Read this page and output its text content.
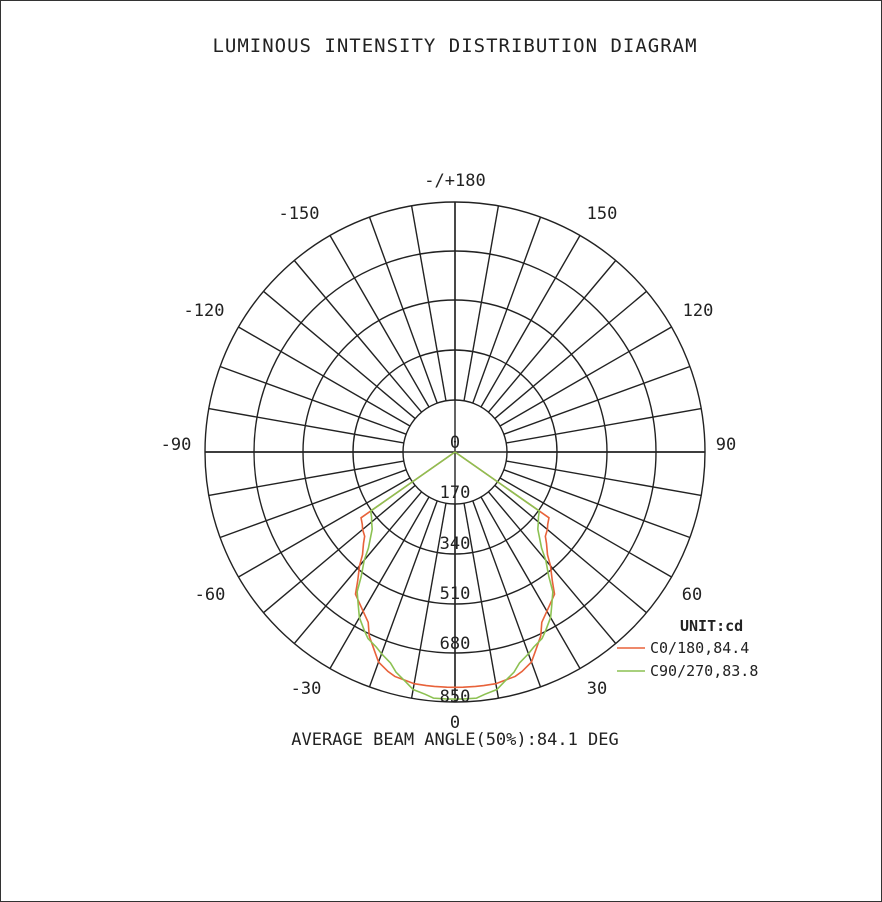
LUMINOUS INTENSITY DISTRIBUTION DIAGRAM
0
170
340
510
680
850
-/+180
150
120
90
60
30
0
-30
-60
-90
-120
-150
UNIT:cd
C0/180,84.4
C90/270,83.8
AVERAGE BEAM ANGLE(50%):84.1 DEG
